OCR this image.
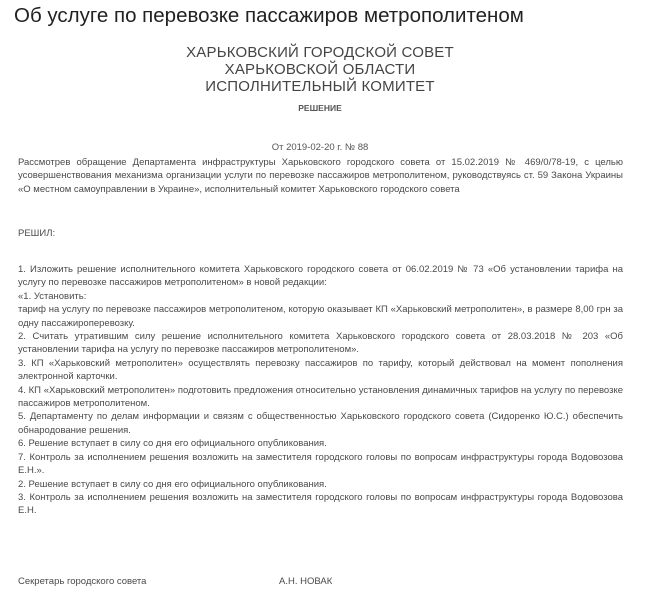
Об услуге по перевозке пассажиров метрополитеном
ХАРЬКОВСКИЙ ГОРОДСКОЙ СОВЕТ
ХАРЬКОВСКОЙ ОБЛАСТИ
ИСПОЛНИТЕЛЬНЫЙ КОМИТЕТ
РЕШЕНИЕ
От 2019-02-20 г. № 88

Рассмотрев обращение Департамента инфраструктуры Харьковского городского совета от 15.02.2019 № 469/0/78-19, с целью усовершенствования механизма организации услуги по перевозке пассажиров метрополитеном, руководствуясь ст. 59 Закона Украины «О местном самоуправлении в Украине», исполнительный комитет Харьковского городского совета

РЕШИЛ:

1. Изложить решение исполнительного комитета Харьковского городского совета от 06.02.2019 № 73 «Об установлении тарифа на услугу по перевозке пассажиров метрополитеном» в новой редакции:

«1. Установить:

тариф на услугу по перевозке пассажиров метрополитеном, которую оказывает КП «Харьковский метрополитен», в размере 8,00 грн за одну пассажироперевозку.

2. Считать утратившим силу решение исполнительного комитета Харьковского городского совета от 28.03.2018 № 203 «Об установлении тарифа на услугу по перевозке пассажиров метрополитеном».

3. КП «Харьковский метрополитен» осуществлять перевозку пассажиров по тарифу, который действовал на момент пополнения электронной карточки.

4. КП «Харьковский метрополитен» подготовить предложения относительно установления динамичных тарифов на услугу по перевозке пассажиров метрополитеном.

5. Департаменту по делам информации и связям с общественностью Харьковского городского совета (Сидоренко Ю.С.) обеспечить обнародование решения.

6. Решение вступает в силу со дня его официального опубликования.

7. Контроль за исполнением решения возложить на заместителя городского головы по вопросам инфраструктуры города Водовозова Е.Н.».

2. Решение вступает в силу со дня его официального опубликования.

3. Контроль за исполнением решения возложить на заместителя городского головы по вопросам инфраструктуры города Водовозова Е.Н.

Секретарь городского совета	А.Н. НОВАК
